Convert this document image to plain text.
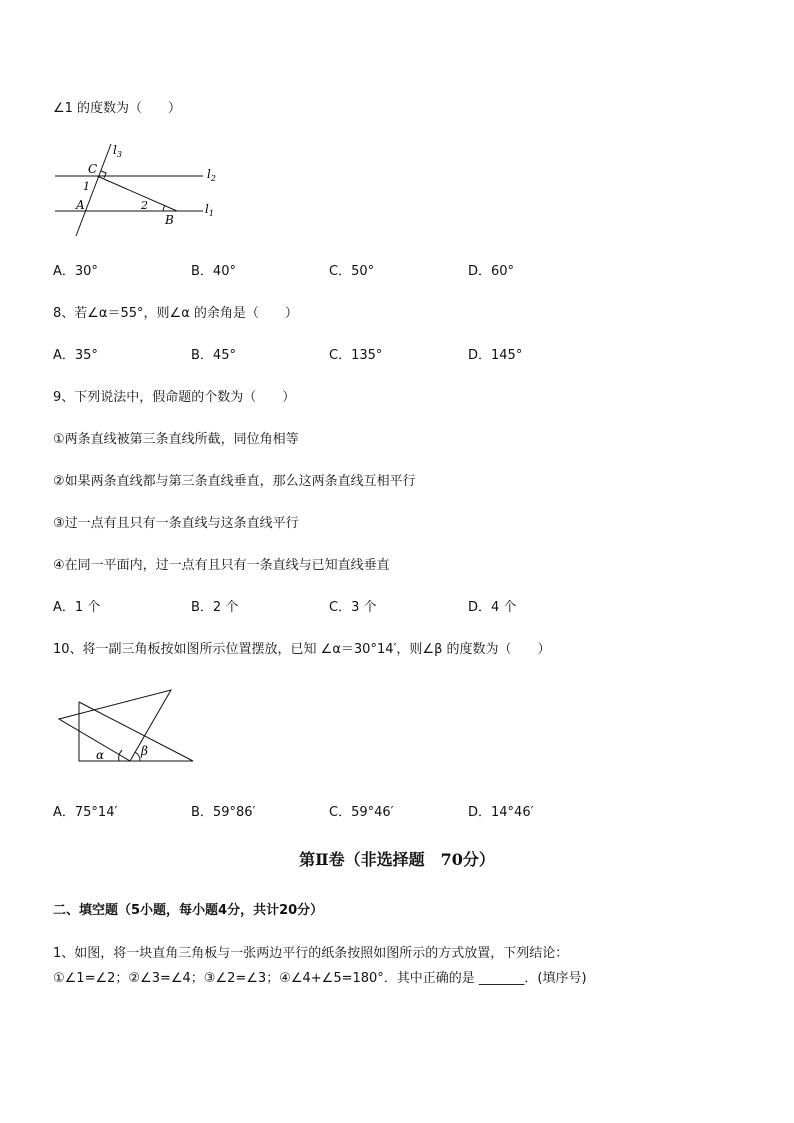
∠1 的度数为（　　）
$l_3$
$l_2$
$l_1$
C
A
B
1
2
A．30°	B．40°	C．50°	D．60°
8、若∠α＝55°，则∠α 的余角是（　　）
A．35°	B．45°	C．135°	D．145°
9、下列说法中，假命题的个数为（　　）
①两条直线被第三条直线所截，同位角相等
②如果两条直线都与第三条直线垂直，那么这两条直线互相平行
③过一点有且只有一条直线与这条直线平行
④在同一平面内，过一点有且只有一条直线与已知直线垂直
A．1 个	B．2 个	C．3 个	D．4 个
10、将一副三角板按如图所示位置摆放，已知 ∠α＝30°14′，则∠β 的度数为（　　）
α	β
A．75°14′	B．59°86′	C．59°46′	D．14°46′
第Ⅱ卷（非选择题　70分）
二、填空题（5小题，每小题4分，共计20分）
1、如图，将一块直角三角板与一张两边平行的纸条按照如图所示的方式放置，下列结论：
①∠1=∠2；②∠3=∠4；③∠2=∠3；④∠4+∠5=180°．其中正确的是 _______．(填序号)
